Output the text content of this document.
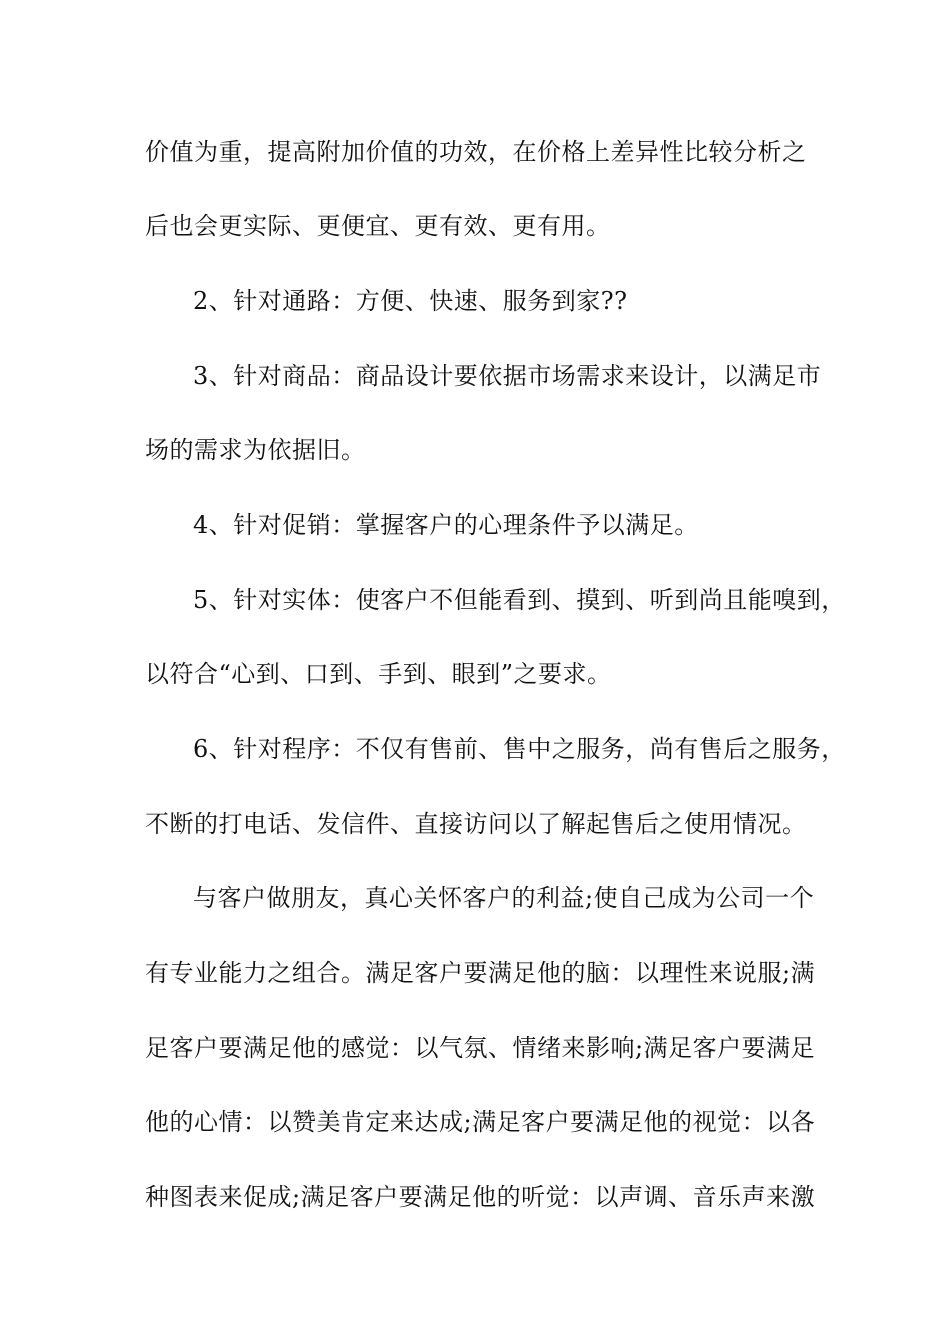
价值为重，提高附加价值的功效，在价格上差异性比较分析之
后也会更实际、更便宜、更有效、更有用。
2、针对通路：方便、快速、服务到家??
3、针对商品：商品设计要依据市场需求来设计，以满足市
场的需求为依据旧。
4、针对促销：掌握客户的心理条件予以满足。
5、针对实体：使客户不但能看到、摸到、听到尚且能嗅到，
以符合“心到、口到、手到、眼到”之要求。
6、针对程序：不仅有售前、售中之服务，尚有售后之服务，
不断的打电话、发信件、直接访问以了解起售后之使用情况。
与客户做朋友，真心关怀客户的利益;使自己成为公司一个
有专业能力之组合。满足客户要满足他的脑：以理性来说服;满
足客户要满足他的感觉：以气氛、情绪来影响;满足客户要满足
他的心情：以赞美肯定来达成;满足客户要满足他的视觉：以各
种图表来促成;满足客户要满足他的听觉：以声调、音乐声来激
